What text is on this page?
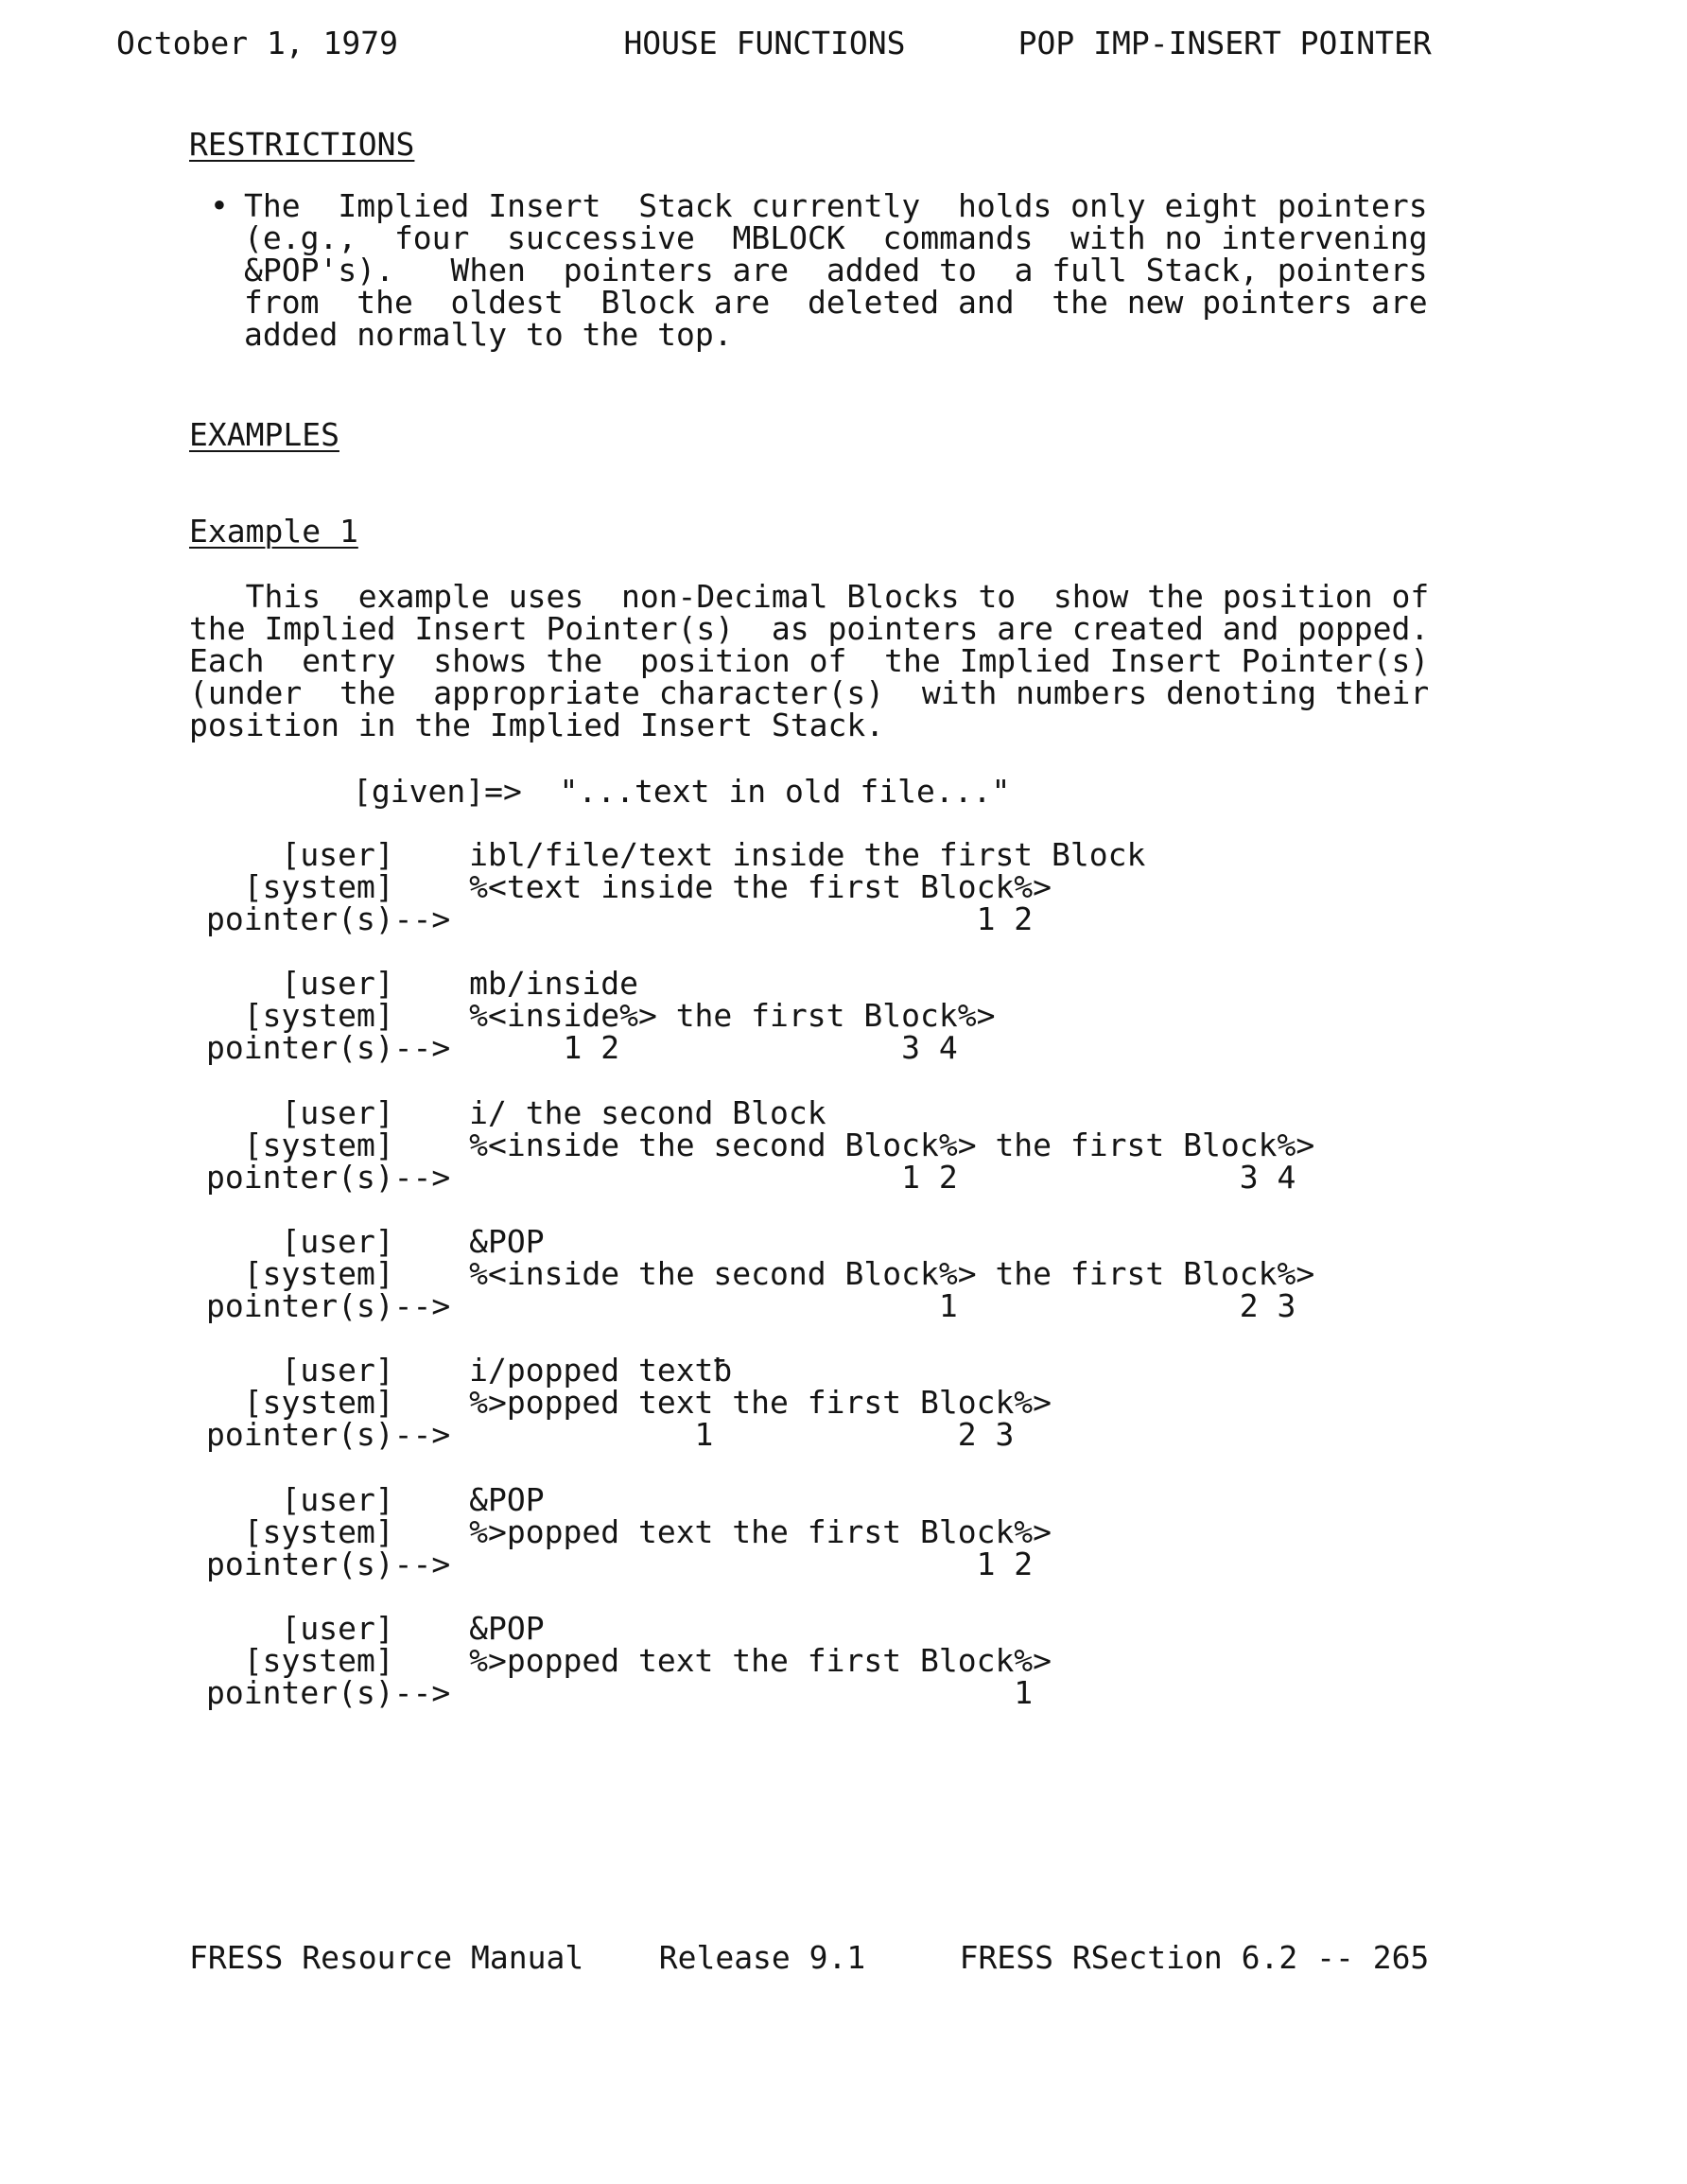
October 1, 1979	HOUSE FUNCTIONS	POP IMP-INSERT POINTER
RESTRICTIONS
• The  Implied Insert  Stack currently  holds only eight pointers
(e.g.,  four  successive  MBLOCK  commands  with no intervening
&POP's).   When  pointers are  added to  a full Stack, pointers
from  the  oldest  Block are  deleted and  the new pointers are
added normally to the top.
EXAMPLES
Example 1
This  example uses  non-Decimal Blocks to  show the position of
the Implied Insert Pointer(s)  as pointers are created and popped.
Each  entry  shows the  position of  the Implied Insert Pointer(s)
(under  the  appropriate character(s)  with numbers denoting their
position in the Implied Insert Stack.
[given]=>  "...text in old file..."
[user]    ibl/file/text inside the first Block
[system]    %<text inside the first Block%>
pointer(s)-->                            1 2
[user]    mb/inside
[system]    %<inside%> the first Block%>
pointer(s)-->      1 2               3 4
[user]    i/ the second Block
[system]    %<inside the second Block%> the first Block%>
pointer(s)-->                        1 2               3 4
[user]    &POP
[system]    %<inside the second Block%> the first Block%>
pointer(s)-->                          1               2 3
[user]    i/popped textƀ
[system]    %>popped text the first Block%>
pointer(s)-->             1             2 3
[user]    &POP
[system]    %>popped text the first Block%>
pointer(s)-->                            1 2
[user]    &POP
[system]    %>popped text the first Block%>
pointer(s)-->                              1
FRESS Resource Manual Release 9.1	FRESS RSection 6.2 -- 265
